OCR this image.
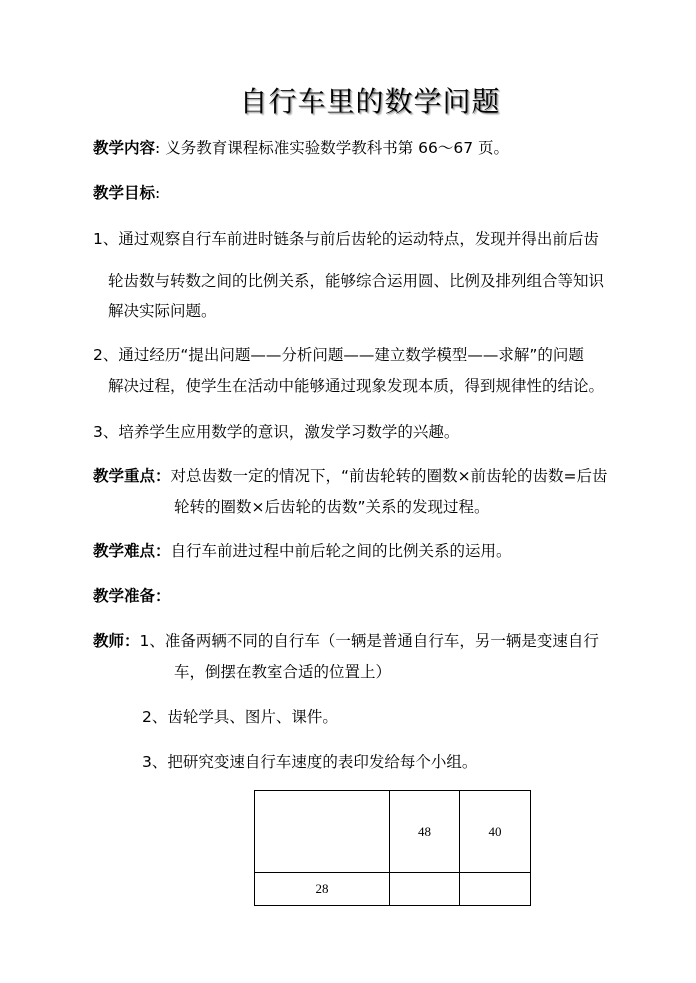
自行车里的数学问题
教学内容: 义务教育课程标准实验数学教科书第 66～67 页。
教学目标:
1、通过观察自行车前进时链条与前后齿轮的运动特点，发现并得出前后齿
轮齿数与转数之间的比例关系，能够综合运用圆、比例及排列组合等知识
解决实际问题。
2、通过经历“提出问题——分析问题——建立数学模型——求解”的问题
解决过程，使学生在活动中能够通过现象发现本质，得到规律性的结论。
3、培养学生应用数学的意识，激发学习数学的兴趣。
教学重点：对总齿数一定的情况下，“前齿轮转的圈数×前齿轮的齿数=后齿
轮转的圈数×后齿轮的齿数”关系的发现过程。
教学难点：自行车前进过程中前后轮之间的比例关系的运用。
教学准备：
教师：1、准备两辆不同的自行车（一辆是普通自行车，另一辆是变速自行
车，倒摆在教室合适的位置上）
2、齿轮学具、图片、课件。
3、把研究变速自行车速度的表印发给每个小组。
	48	40
28		
